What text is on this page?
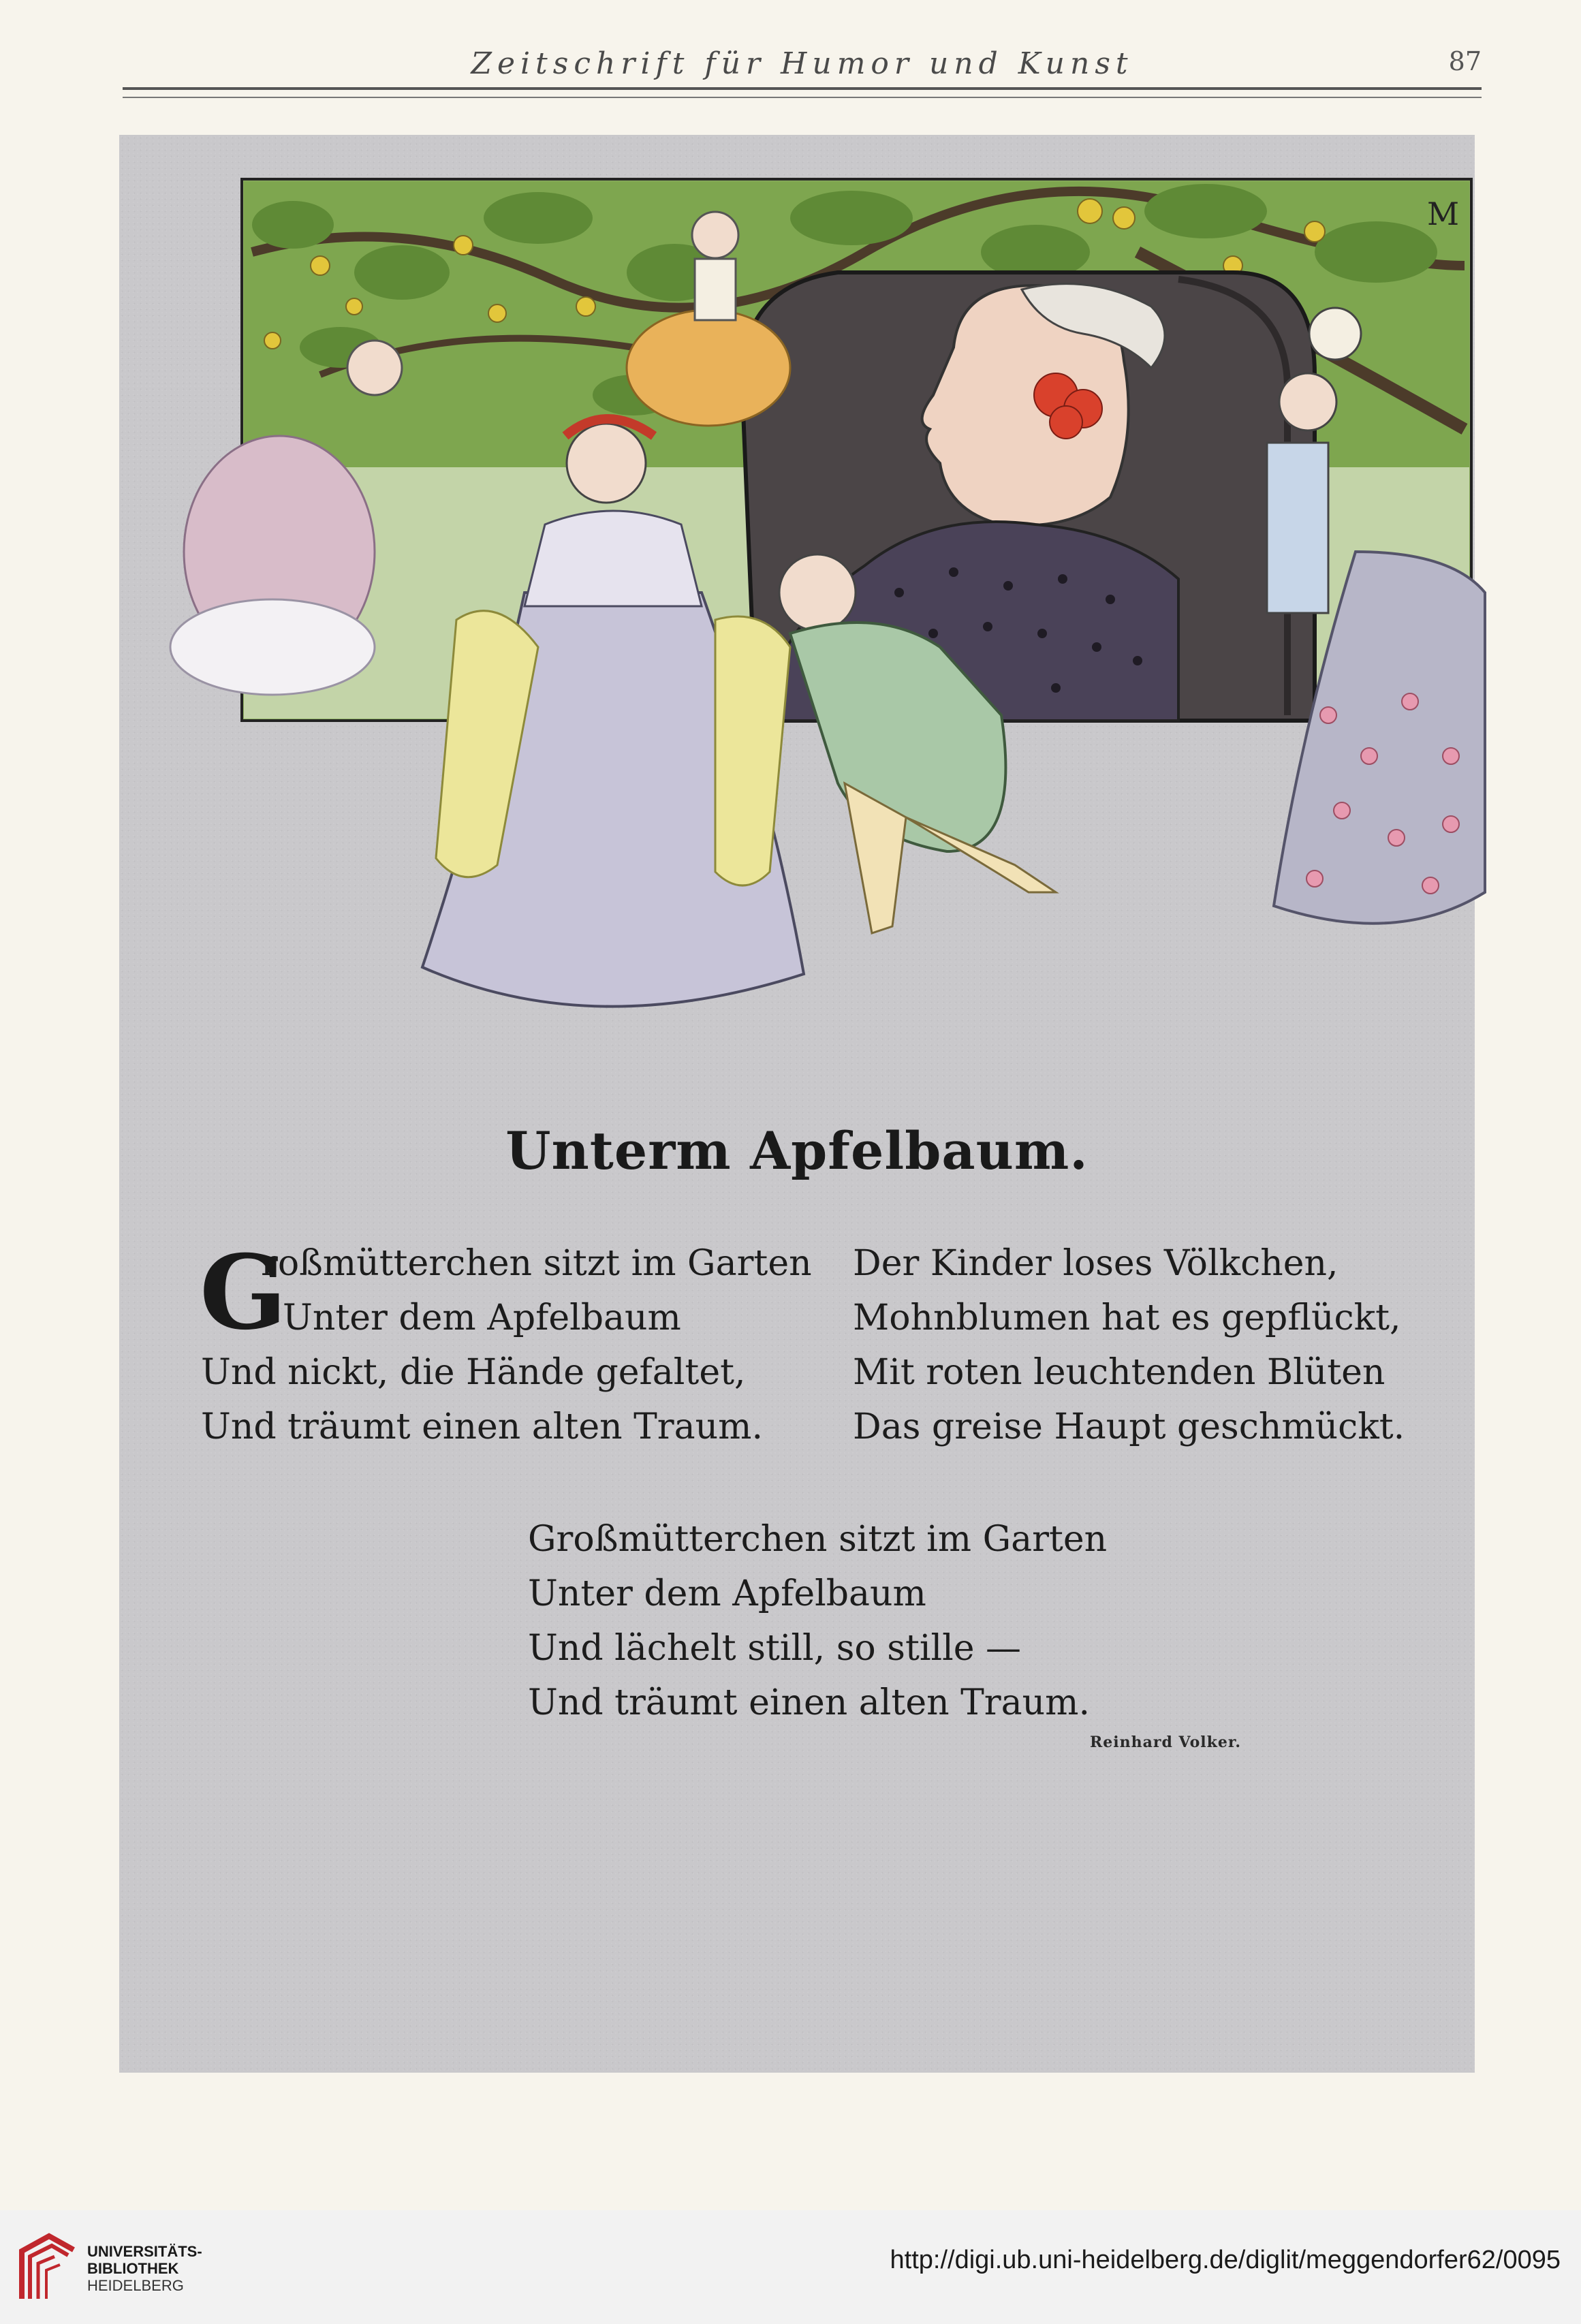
Zeitschrift für Humor und Kunst	87
M
Unterm Apfelbaum.
G
roßmütterchen sitzt im Garten
Unter dem Apfelbaum
Und nickt, die Hände gefaltet,
Und träumt einen alten Traum.
Der Kinder loses Völkchen,
Mohnblumen hat es gepflückt,
Mit roten leuchtenden Blüten
Das greise Haupt geschmückt.
Großmütterchen sitzt im Garten
Unter dem Apfelbaum
Und lächelt still, so stille —
Und träumt einen alten Traum.
Reinhard Volker.
UNIVERSITÄTS-
BIBLIOTHEK
HEIDELBERG
http://digi.ub.uni-heidelberg.de/diglit/meggendorfer62/0095
